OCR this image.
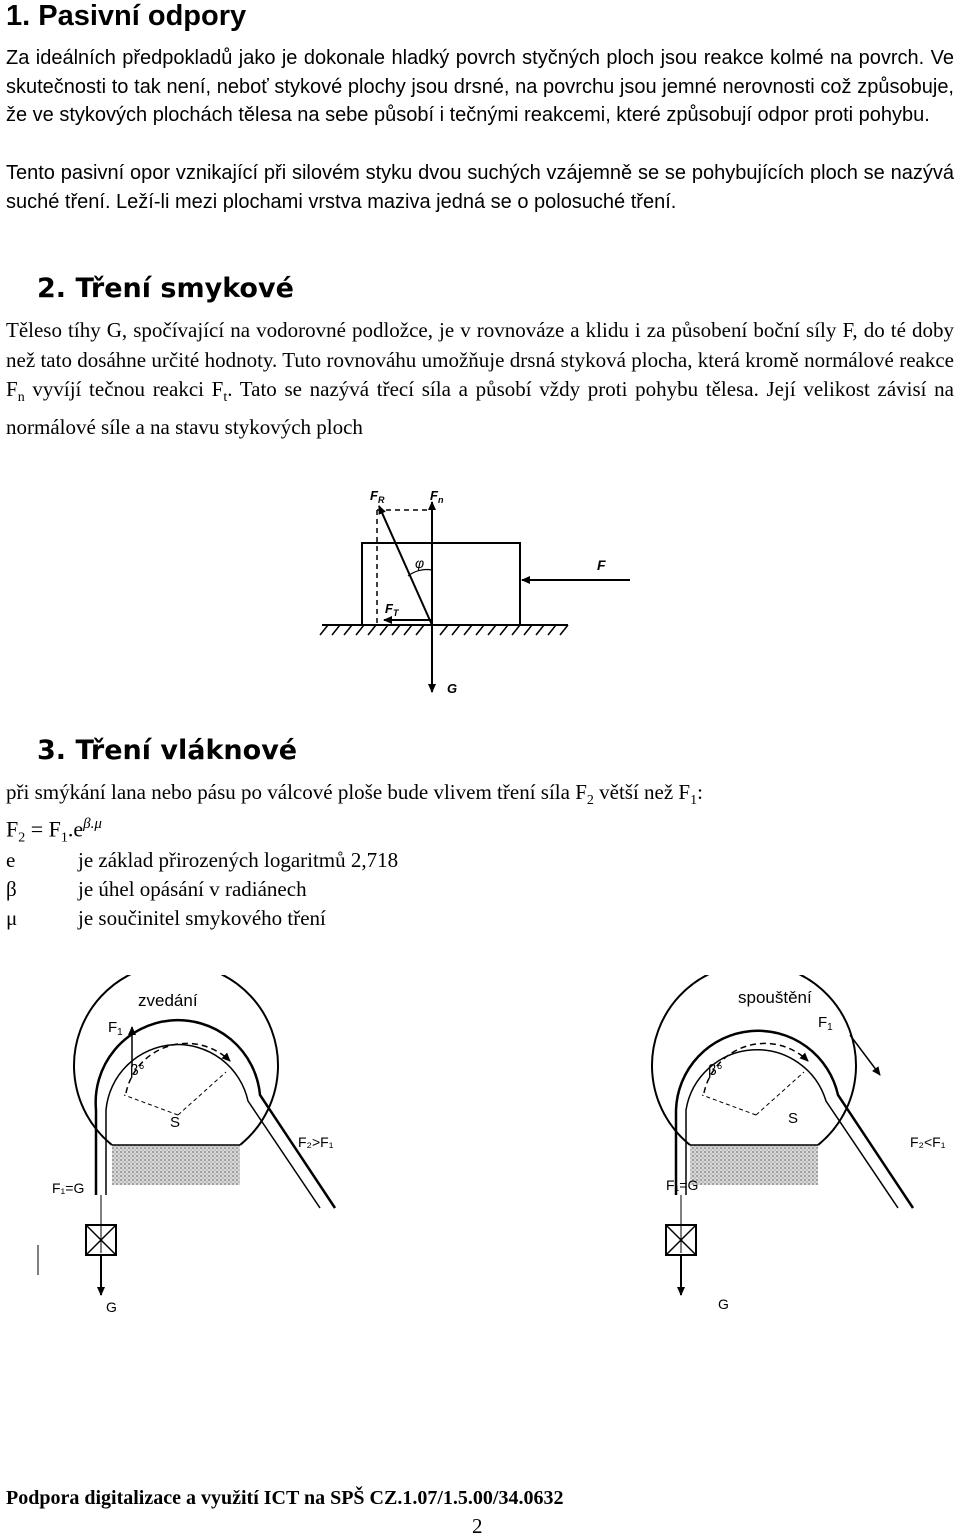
1. Pasivní odpory

Za ideálních předpokladů jako je dokonale hladký povrch styčných ploch jsou reakce kolmé na povrch. Ve skutečnosti to tak není, neboť stykové plochy jsou drsné, na povrchu jsou jemné nerovnosti což způsobuje, že ve stykových plochách tělesa na sebe působí i tečnými reakcemi, které způsobují odpor proti pohybu.

Tento pasivní opor vznikající při silovém styku dvou suchých vzájemně se se pohybujících ploch se nazývá suché tření. Leží-li mezi plochami vrstva maziva jedná se o polosuché tření.

2. Tření smykové

Těleso tíhy G, spočívající na vodorovné podložce, je v rovnováze a klidu i za působení boční síly F, do té doby než tato dosáhne určité hodnoty. Tuto rovnováhu umožňuje drsná styková plocha, která kromě normálové reakce $F_n$ vyvíjí tečnou reakci $F_t$. Tato se nazývá třecí síla a působí vždy proti pohybu tělesa. Její velikost závisí na normálové síle a na stavu stykových ploch

$F_R$	$F_n$
φ	F
$F_T$
G
3. Tření vláknové

při smýkání lana nebo pásu po válcové ploše bude vlivem tření síla $F_2$ větší než $F_1$:

$F_2 = F_1.e^{\beta.\mu}$

e	je základ přirozených logaritmů 2,718
β	je úhel opásání v radiánech
μ	je součinitel smykového tření
zvedání
$F_1$
β°
S
F₂>F₁
F₁=G
G
spouštění
$F_1$
β°
S
F₂<F₁
F₁=G
G
Podpora digitalizace a využití ICT na SPŠ CZ.1.07/1.5.00/34.0632
2
